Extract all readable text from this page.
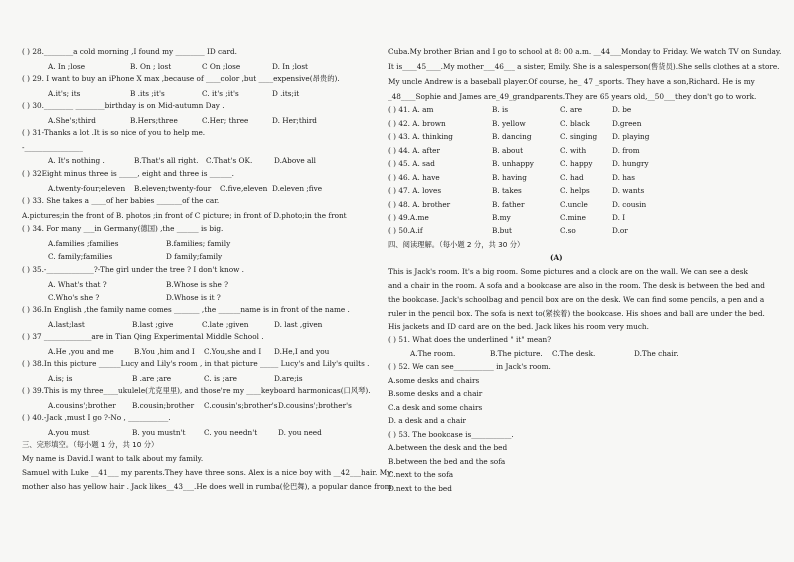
( ) 28.________a cold morning ,I found my ________ ID card.
A. In ;lose	B. On ; lost	C On ;lose	D. In ;lost
( ) 29. I want to buy an iPhone X max ,because of ____color ,but ____expensive(昂贵的).
A.it's; its	B .its ;it's	C. it's ;it's	D .its;it
( ) 30.________ ________birthday is on Mid-autumn Day .
A.She's;third	B.Hers;three	C.Her; three	D. Her;third
( ) 31-Thanks a lot .It is so nice of you to help me.
-________________
A. It's nothing .	B.That's all right. C.That's OK.	D.Above all
( ) 32Eight minus three is _____, eight and three is ______.
A.twenty-four;eleven B.eleven;twenty-four C.five,eleven D.eleven ;five
( ) 33. She takes a ____of her babies _______of the car.
A.pictures;in the front of B. photos ;in front of C picture; in front of D.photo;in the front
( ) 34. For many ___in Germany(德国) ,the ______ is big.
A.families ;families	B.families; family
C. family;families	D family;family
( ) 35.-_____________?-The girl under the tree ? I don't know .
A. What's that ?	B.Whose is she ?
C.Who's she ?	D.Whose is it ?
( ) 36.In English ,the family name comes _______ ,the ______name is in front of the name .
A.last;last	B.last ;give	C.late ;given	D. last ,given
( ) 37 _____________are in Tian Qing Experimental Middle School .
A.He ,you and me	B.You ,him and I C.You,she and I D.He,I and you
( ) 38.In this picture ______Lucy and Lily's room , in that picture _____ Lucy's and Lily's quilts .
A.is; is	B .are ;are	C. is ;are	D.are;is
( ) 39.This is my three____ukulele(尤克里里), and those're my ____keyboard harmonicas(口风琴).
A.cousins';brother B.cousin;brother C.cousin's;brother's D.cousins';brother's
( ) 40.-Jack ,must I go ?-No , ___________.
A.you must	B. you mustn't	C. you needn't	D. you need
三、完形填空。（每小题 1 分，共 10 分）
My name is David.I want to talk about my family.
Samuel with Luke __41___ my parents.They have three sons. Alex is a nice boy with __42___hair. My
mother also has yellow hair . Jack likes__43___.He does well in rumba(伦巴舞), a popular dance from
Cuba.My brother Brian and I go to school at 8: 00 a.m. __44___Monday to Friday. We watch TV on Sunday.
It is____45____.My mother___46___ a sister, Emily. She is a salesperson(售货员).She sells clothes at a store.
My uncle Andrew is a baseball player.Of course, he_ 47 _sports. They have a son,Richard. He is my
_48____Sophie and James are_49_grandparents.They are 65 years old,__50___they don't go to work.
( ) 41. A. am	B. is	C. are	D. be
( ) 42. A. brown	B. yellow	C. black	D.green
( ) 43. A. thinking	B. dancing	C. singing D. playing
( ) 44. A. after	B. about	C. with	D. from
( ) 45. A. sad	B. unhappy	C. happy	D. hungry
( ) 46. A. have	B. having	C. had	D. has
( ) 47. A. loves	B. takes	C. helps	D. wants
( ) 48. A. brother	B. father	C.uncle	D. cousin
( ) 49.A.me	B.my	C.mine	D. I
( ) 50.A.if	B.but	C.so	D.or
四、阅读理解。（每小题 2 分，共 30 分）
(A)
This is Jack's room. It's a big room. Some pictures and a clock are on the wall. We can see a desk
and a chair in the room. A sofa and a bookcase are also in the room. The desk is between the bed and
the bookcase. Jack's schoolbag and pencil box are on the desk. We can find some pencils, a pen and a
ruler in the pencil box. The sofa is next to(紧挨着) the bookcase. His shoes and ball are under the bed.
His jackets and ID card are on the bed. Jack likes his room very much.
( ) 51. What does the underlined " it" mean?
A.The room.	B.The picture. C.The desk.	D.The chair.
( ) 52. We can see___________ in Jack's room.
A.some desks and chairs
B.some desks and a chair
C.a desk and some chairs
D. a desk and a chair
( ) 53. The bookcase is___________.
A.between the desk and the bed
B.between the bed and the sofa
C.next to the sofa
D.next to the bed
